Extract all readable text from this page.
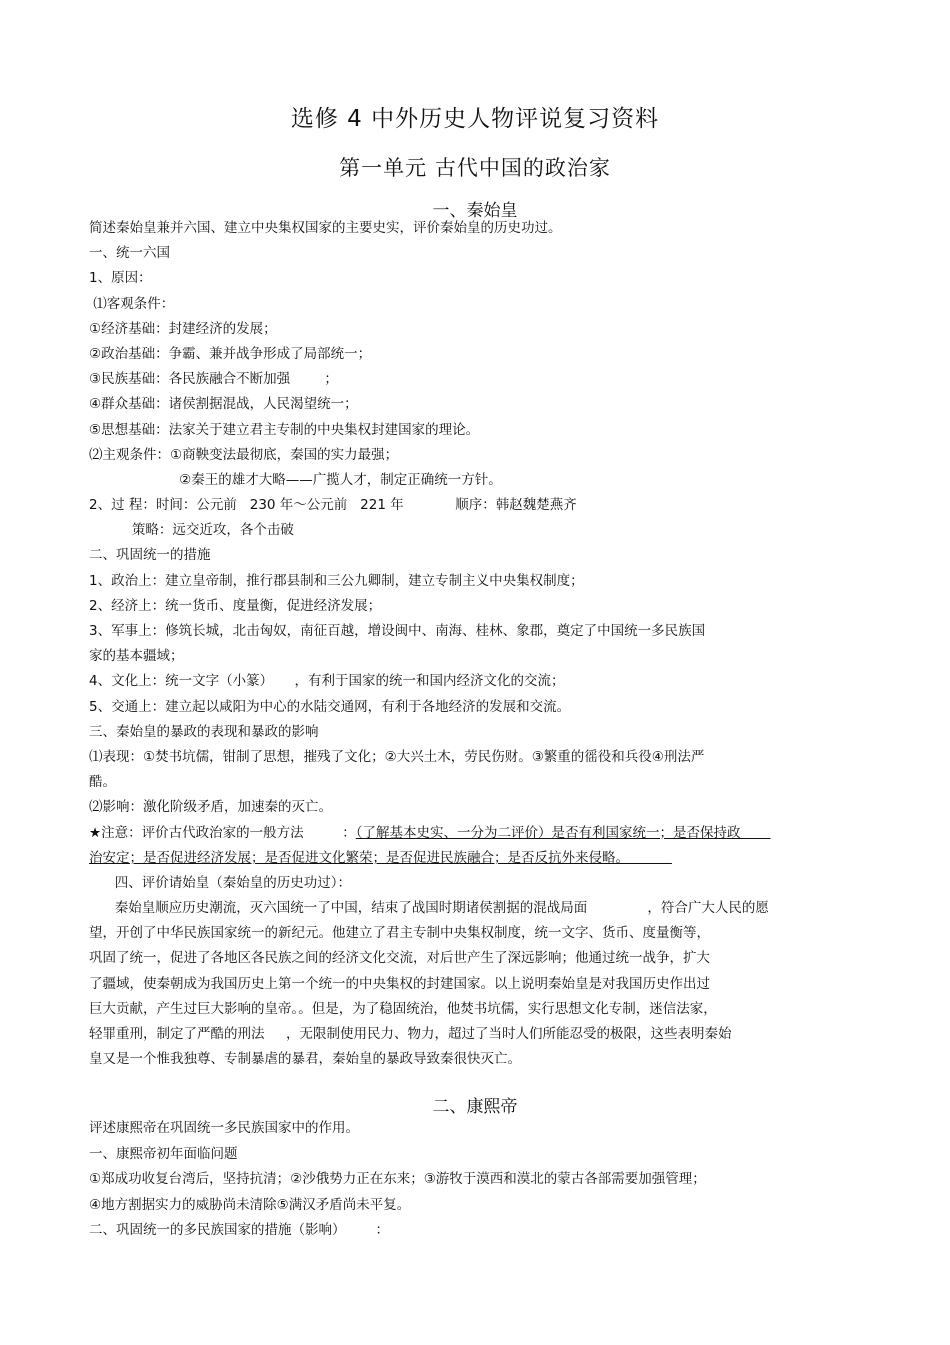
选修 4 中外历史人物评说复习资料
第一单元 古代中国的政治家
一、秦始皇
简述秦始皇兼并六国、建立中央集权国家的主要史实，评价秦始皇的历史功过。
一、统一六国
1、原因：
⑴客观条件：
①经济基础：封建经济的发展；
②政治基础：争霸、兼并战争形成了局部统一；
③民族基础：各民族融合不断加强        ；
④群众基础：诸侯割据混战，人民渴望统一；
⑤思想基础：法家关于建立君主专制的中央集权封建国家的理论。
⑵主观条件：①商鞅变法最彻底，秦国的实力最强；
②秦王的雄才大略——广揽人才，制定正确统一方针。
2、过 程：时间：公元前   230 年～公元前   221 年            顺序：韩赵魏楚燕齐
策略：远交近攻，各个击破
二、巩固统一的措施
1、政治上：建立皇帝制，推行郡县制和三公九卿制，建立专制主义中央集权制度；
2、经济上：统一货币、度量衡，促进经济发展；
3、军事上：修筑长城，北击匈奴，南征百越，增设闽中、南海、桂林、象郡，奠定了中国统一多民族国
家的基本疆域；
4、文化上：统一文字（小篆）     ，有利于国家的统一和国内经济文化的交流；
5、交通上：建立起以咸阳为中心的水陆交通网，有利于各地经济的发展和交流。
三、秦始皇的暴政的表现和暴政的影响
⑴表现：①焚书坑儒，钳制了思想，摧残了文化；②大兴土木，劳民伤财。③繁重的徭役和兵役④刑法严
酷。
⑵影响：激化阶级矛盾，加速秦的灭亡。
★注意：评价古代政治家的一般方法         ：（了解基本史实、一分为二评价）是否有利国家统一；是否保持政
治安定；是否促进经济发展；是否促进文化繁荣；是否促进民族融合；是否反抗外来侵略。
四、评价请始皇（秦始皇的历史功过）：
秦始皇顺应历史潮流，灭六国统一了中国，结束了战国时期诸侯割据的混战局面              ，符合广大人民的愿
望，开创了中华民族国家统一的新纪元。他建立了君主专制中央集权制度，统一文字、货币、度量衡等，
巩固了统一，促进了各地区各民族之间的经济文化交流，对后世产生了深远影响；他通过统一战争，扩大
了疆域，使秦朝成为我国历史上第一个统一的中央集权的封建国家。以上说明秦始皇是对我国历史作出过
巨大贡献，产生过巨大影响的皇帝。。但是，为了稳固统治，他焚书坑儒，实行思想文化专制，迷信法家，
轻罪重刑，制定了严酷的刑法     ，无限制使用民力、物力，超过了当时人们所能忍受的极限，这些表明秦始
皇又是一个惟我独尊、专制暴虐的暴君，秦始皇的暴政导致秦很快灭亡。
二、康熙帝
评述康熙帝在巩固统一多民族国家中的作用。
一、康熙帝初年面临问题
①郑成功收复台湾后，坚持抗清；②沙俄势力正在东来；③游牧于漠西和漠北的蒙古各部需要加强管理；
④地方割据实力的威胁尚未清除⑤满汉矛盾尚未平复。
二、巩固统一的多民族国家的措施（影响）       ：
